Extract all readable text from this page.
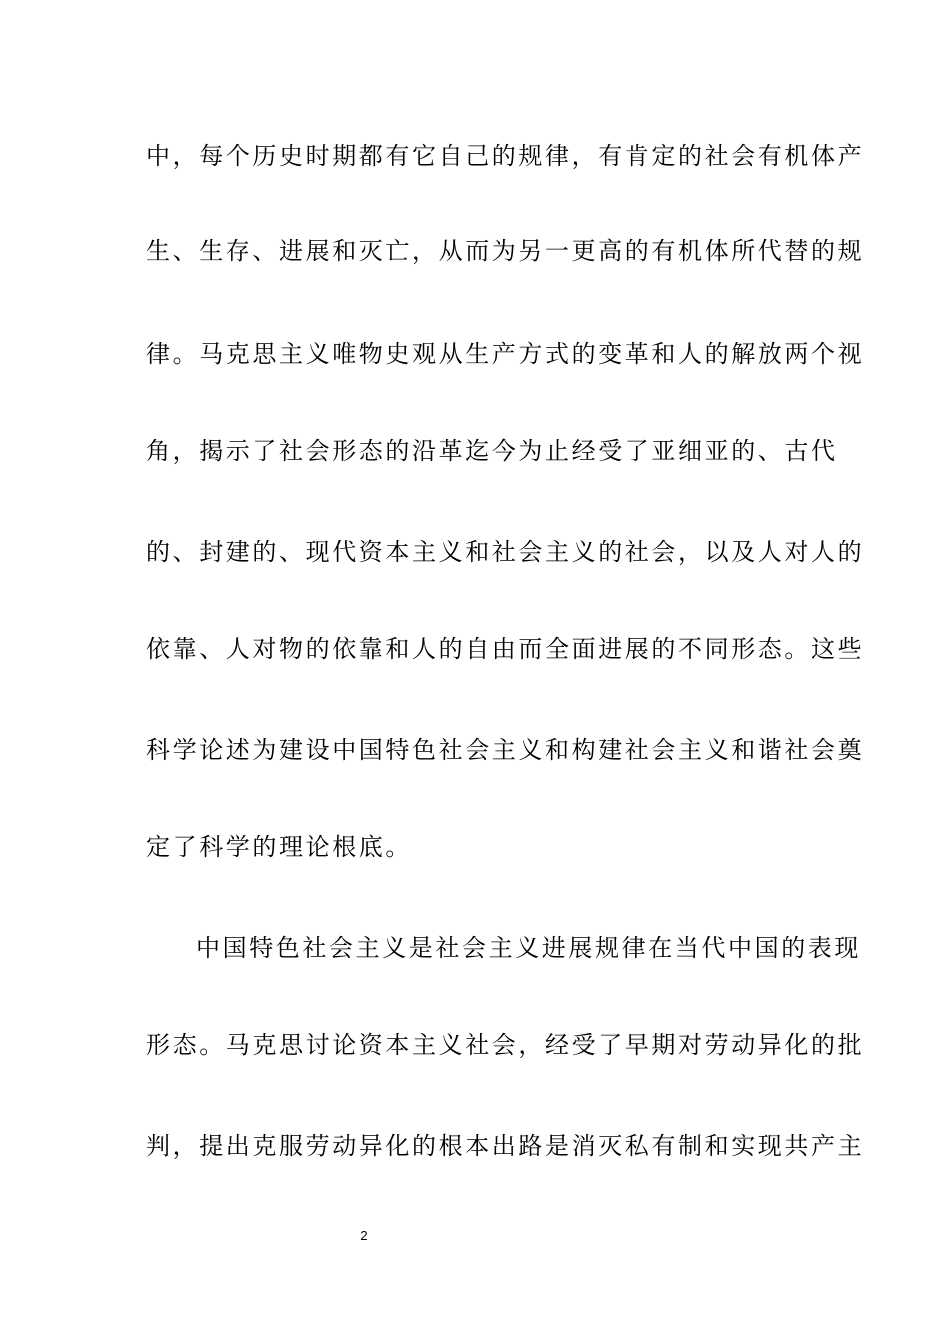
中，每个历史时期都有它自己的规律，有肯定的社会有机体产
生、生存、进展和灭亡，从而为另一更高的有机体所代替的规
律。马克思主义唯物史观从生产方式的变革和人的解放两个视
角，揭示了社会形态的沿革迄今为止经受了亚细亚的、古代
的、封建的、现代资本主义和社会主义的社会，以及人对人的
依靠、人对物的依靠和人的自由而全面进展的不同形态。这些
科学论述为建设中国特色社会主义和构建社会主义和谐社会奠
定了科学的理论根底。
中国特色社会主义是社会主义进展规律在当代中国的表现
形态。马克思讨论资本主义社会，经受了早期对劳动异化的批
判，提出克服劳动异化的根本出路是消灭私有制和实现共产主
2
